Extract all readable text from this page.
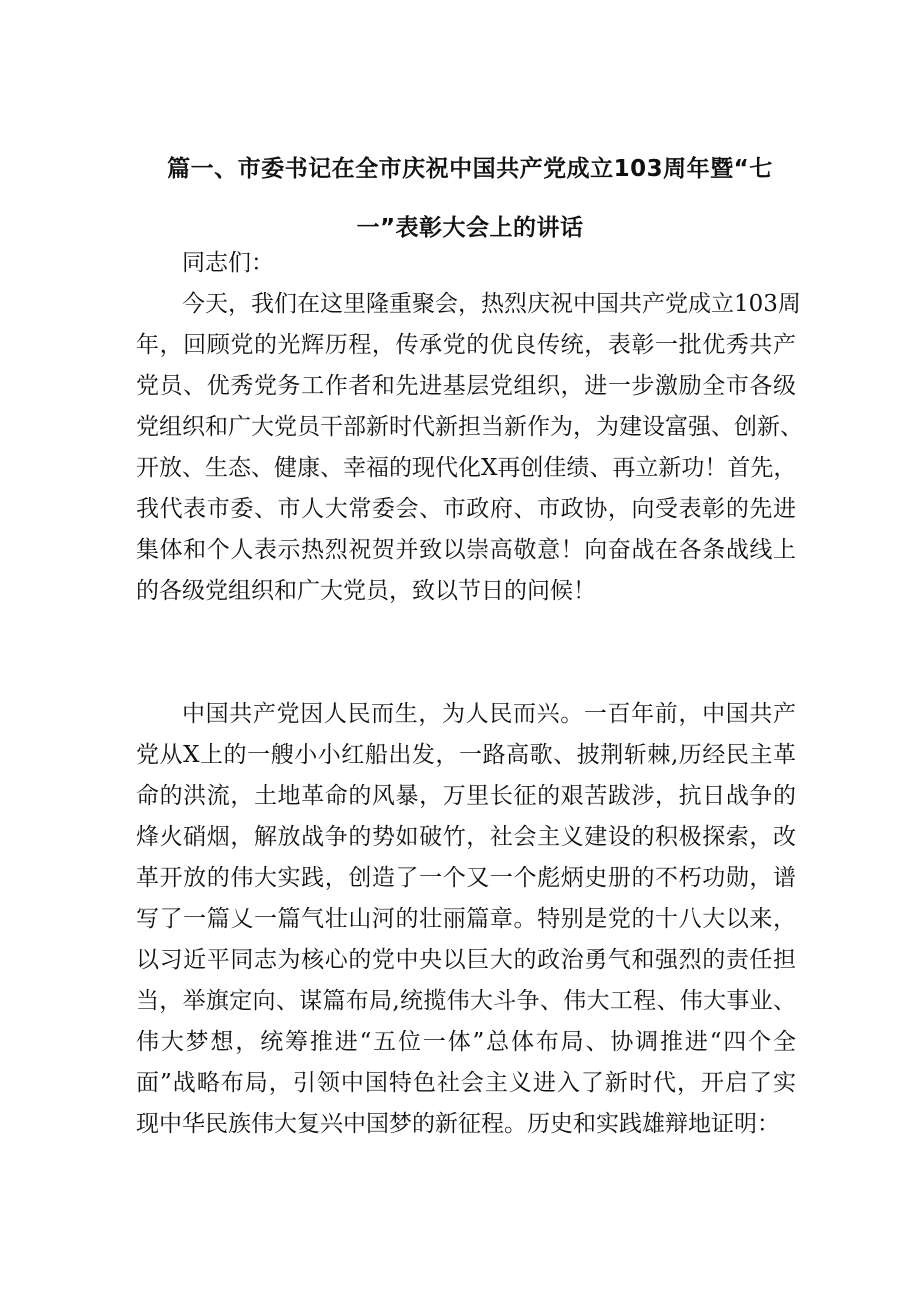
篇一、市委书记在全市庆祝中国共产党成立103周年暨“七
一”表彰大会上的讲话
同志们：
今天，我们在这里隆重聚会，热烈庆祝中国共产党成立103周
年，回顾党的光辉历程，传承党的优良传统，表彰一批优秀共产
党员、优秀党务工作者和先进基层党组织，进一步激励全市各级
党组织和广大党员干部新时代新担当新作为，为建设富强、创新、
开放、生态、健康、幸福的现代化X再创佳绩、再立新功！首先，
我代表市委、市人大常委会、市政府、市政协，向受表彰的先进
集体和个人表示热烈祝贺并致以崇高敬意！向奋战在各条战线上
的各级党组织和广大党员，致以节日的问候！
中国共产党因人民而生，为人民而兴。一百年前，中国共产
党从X上的一艘小小红船出发，一路高歌、披荆斩棘,历经民主革
命的洪流，土地革命的风暴，万里长征的艰苦跋涉，抗日战争的
烽火硝烟，解放战争的势如破竹，社会主义建设的积极探索，改
革开放的伟大实践，创造了一个又一个彪炳史册的不朽功勋，谱
写了一篇乂一篇气壮山河的壮丽篇章。特别是党的十八大以来，
以习近平同志为核心的党中央以巨大的政治勇气和强烈的责任担
当，举旗定向、谋篇布局,统揽伟大斗争、伟大工程、伟大事业、
伟大梦想，统筹推进“五位一体”总体布局、协调推进“四个全
面”战略布局，引领中国特色社会主义进入了新时代，开启了实
现中华民族伟大复兴中国梦的新征程。历史和实践雄辩地证明：
